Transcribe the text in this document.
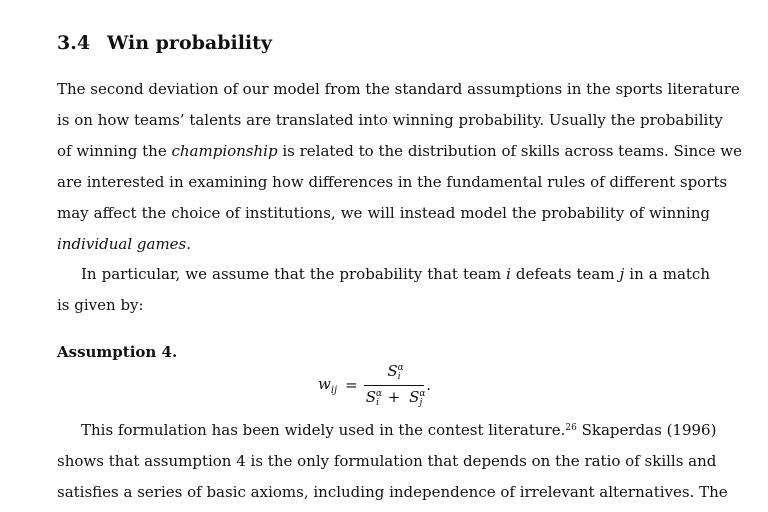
3.4 Win probability
The second deviation of our model from the standard assumptions in the sports literature
is on how teams’ talents are translated into winning probability. Usually the probability
of winning the championship is related to the distribution of skills across teams. Since we
are interested in examining how differences in the fundamental rules of different sports
may affect the choice of institutions, we will instead model the probability of winning
individual games.
In particular, we assume that the probability that team i defeats team j in a match
is given by:
Assumption 4.
$w_{ij} = \frac{S^\alpha_i}{S^\alpha_i + S^\alpha_j}$ .
This formulation has been widely used in the contest literature.$^{26}$ Skaperdas (1996)
shows that assumption 4 is the only formulation that depends on the ratio of skills and
satisfies a series of basic axioms, including independence of irrelevant alternatives. The
